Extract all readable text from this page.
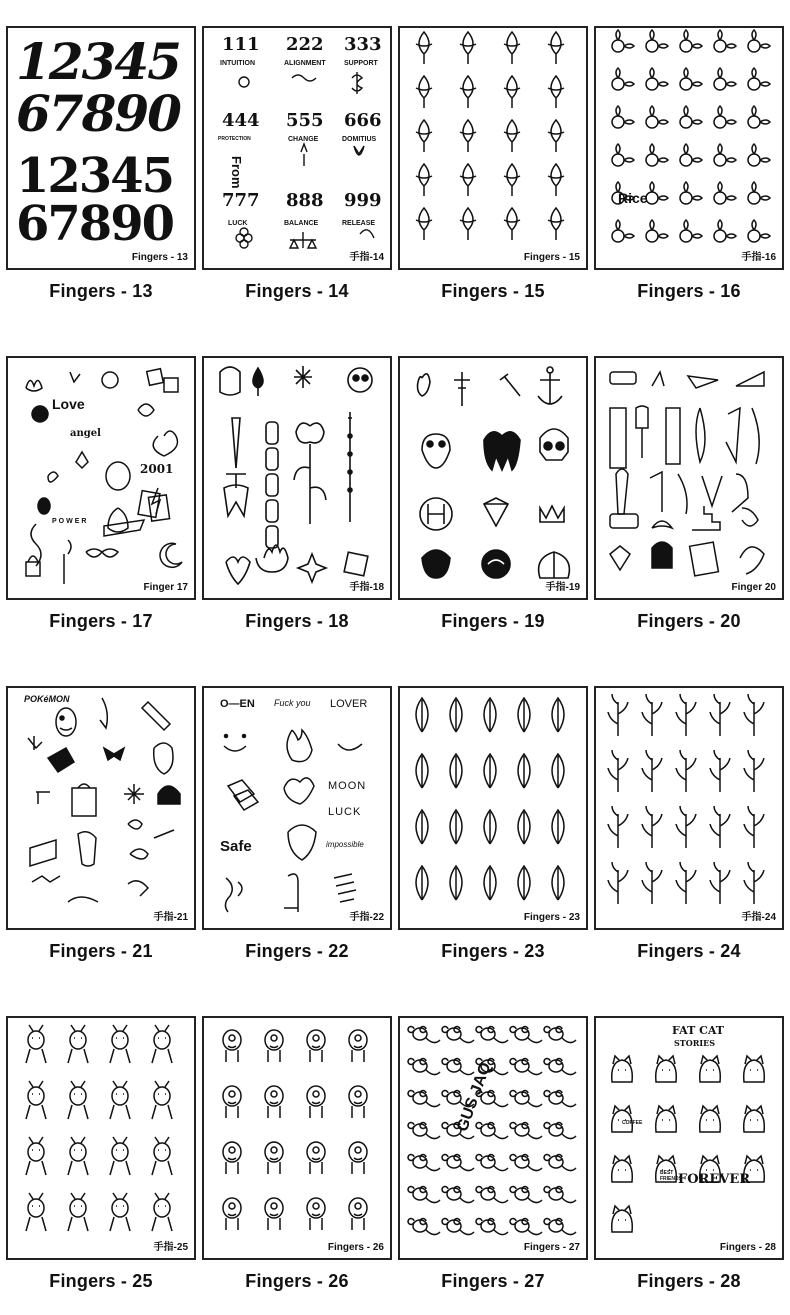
12345
67890
12345
67890
Fingers - 13
Fingers - 13
111
INTUITION
222
ALIGNMENT
333
SUPPORT
444
PROTECTION
555
CHANGE
666
DOMITIUS
777
LUCK
888
BALANCE
999
RELEASE
From
手指-14
Fingers - 14
Fingers - 15
Fingers - 15
Rice
手指-16
Fingers - 16
Love
angel
2001
POWER
Finger 17
Fingers - 17
手指-18
Fingers - 18
手指-19
Fingers - 19
Finger 20
Fingers - 20
POKéMON
手指-21
Fingers - 21
O—EN Fuck you LOVER
MOON
LUCK
Safe	impossible
手指-22
Fingers - 22
Fingers - 23
Fingers - 23
手指-24
Fingers - 24
手指-25
Fingers - 25
Fingers - 26
Fingers - 26
GUS JAQ
Fingers - 27
Fingers - 27
FAT CAT
STORIES
COFFEE
BEST FRIENDS
FOREVER
Fingers - 28
Fingers - 28
